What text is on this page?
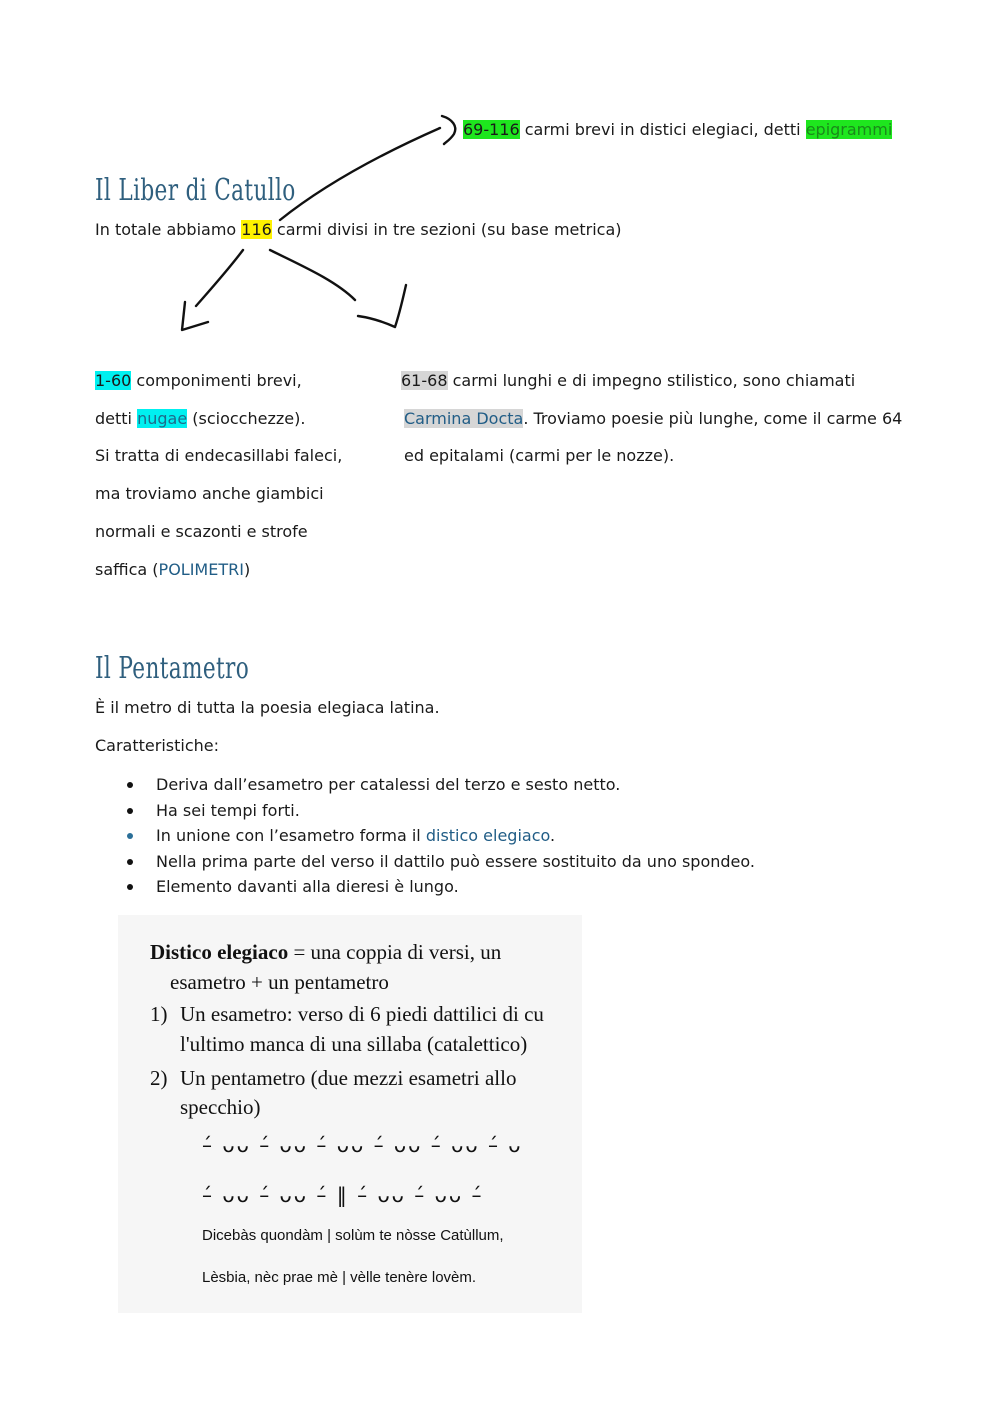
69-116 carmi brevi in distici elegiaci, detti epigrammi
Il Liber di Catullo
In totale abbiamo 116 carmi divisi in tre sezioni (su base metrica)
1-60 componimenti brevi,
detti nugae (sciocchezze).
Si tratta di endecasillabi faleci,
ma troviamo anche giambici
normali e scazonti e strofe
saffica (POLIMETRI)
61-68 carmi lunghi e di impegno stilistico, sono chiamati
Carmina Docta. Troviamo poesie più lunghe, come il carme 64
ed epitalami (carmi per le nozze).
Il Pentametro
È il metro di tutta la poesia elegiaca latina.
Caratteristiche:
Deriva dall’esametro per catalessi del terzo e sesto netto.
Ha sei tempi forti.
In unione con l’esametro forma il distico elegiaco.
Nella prima parte del verso il dattilo può essere sostituito da uno spondeo.
Elemento davanti alla dieresi è lungo.
Distico elegiaco = una coppia di versi, un
esametro + un pentametro
1) Un esametro: verso di 6 piedi dattilici di cu
l'ultimo manca di una sillaba (catalettico)
2) Un pentametro (due mezzi esametri allo
specchio)
–́ ᴗᴗ –́ ᴗᴗ –́ ᴗᴗ –́ ᴗᴗ –́ ᴗᴗ –́ ᴗ
–́ ᴗᴗ –́ ᴗᴗ –́ ‖ –́ ᴗᴗ –́ ᴗᴗ –́
Dicebàs quondàm | solùm te nòsse Catùllum,
Lèsbia, nèc prae mè | vèlle tenère lovèm.
